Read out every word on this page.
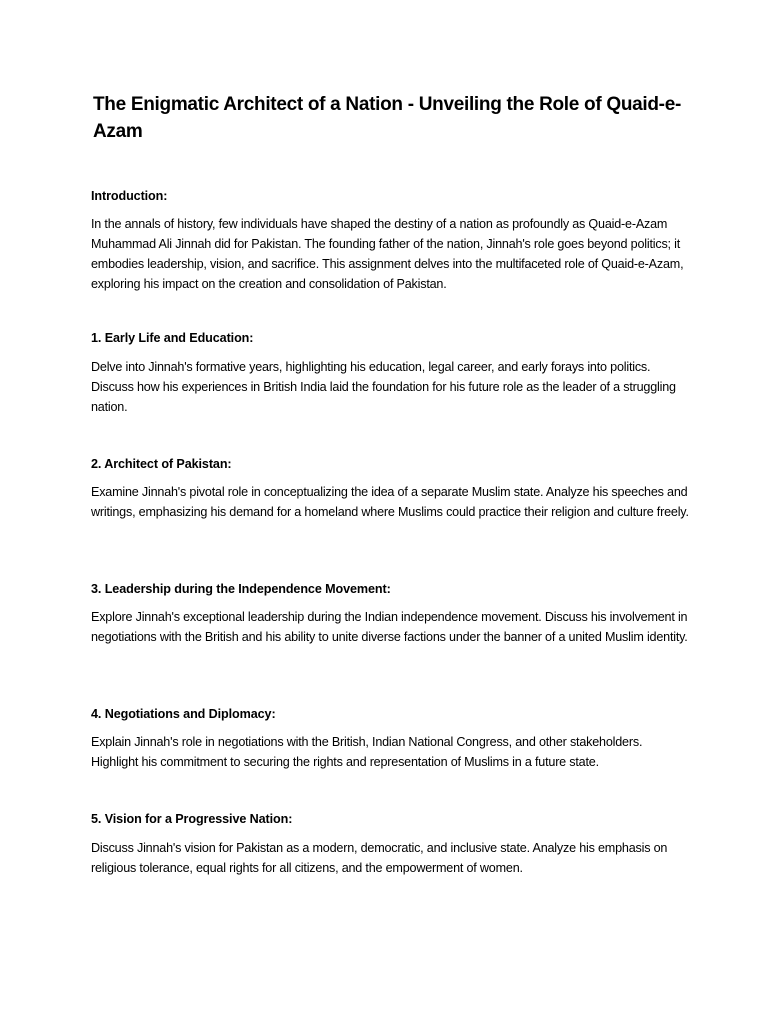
The Enigmatic Architect of a Nation - Unveiling the Role of Quaid-e-Azam
Introduction:

In the annals of history, few individuals have shaped the destiny of a nation as profoundly as Quaid-e-Azam Muhammad Ali Jinnah did for Pakistan. The founding father of the nation, Jinnah's role goes beyond politics; it embodies leadership, vision, and sacrifice. This assignment delves into the multifaceted role of Quaid-e-Azam, exploring his impact on the creation and consolidation of Pakistan.

1. Early Life and Education:

Delve into Jinnah's formative years, highlighting his education, legal career, and early forays into politics. Discuss how his experiences in British India laid the foundation for his future role as the leader of a struggling nation.

2. Architect of Pakistan:

Examine Jinnah's pivotal role in conceptualizing the idea of a separate Muslim state. Analyze his speeches and writings, emphasizing his demand for a homeland where Muslims could practice their religion and culture freely.

3. Leadership during the Independence Movement:

Explore Jinnah's exceptional leadership during the Indian independence movement. Discuss his involvement in negotiations with the British and his ability to unite diverse factions under the banner of a united Muslim identity.

4. Negotiations and Diplomacy:

Explain Jinnah's role in negotiations with the British, Indian National Congress, and other stakeholders. Highlight his commitment to securing the rights and representation of Muslims in a future state.

5. Vision for a Progressive Nation:

Discuss Jinnah's vision for Pakistan as a modern, democratic, and inclusive state. Analyze his emphasis on religious tolerance, equal rights for all citizens, and the empowerment of women.
